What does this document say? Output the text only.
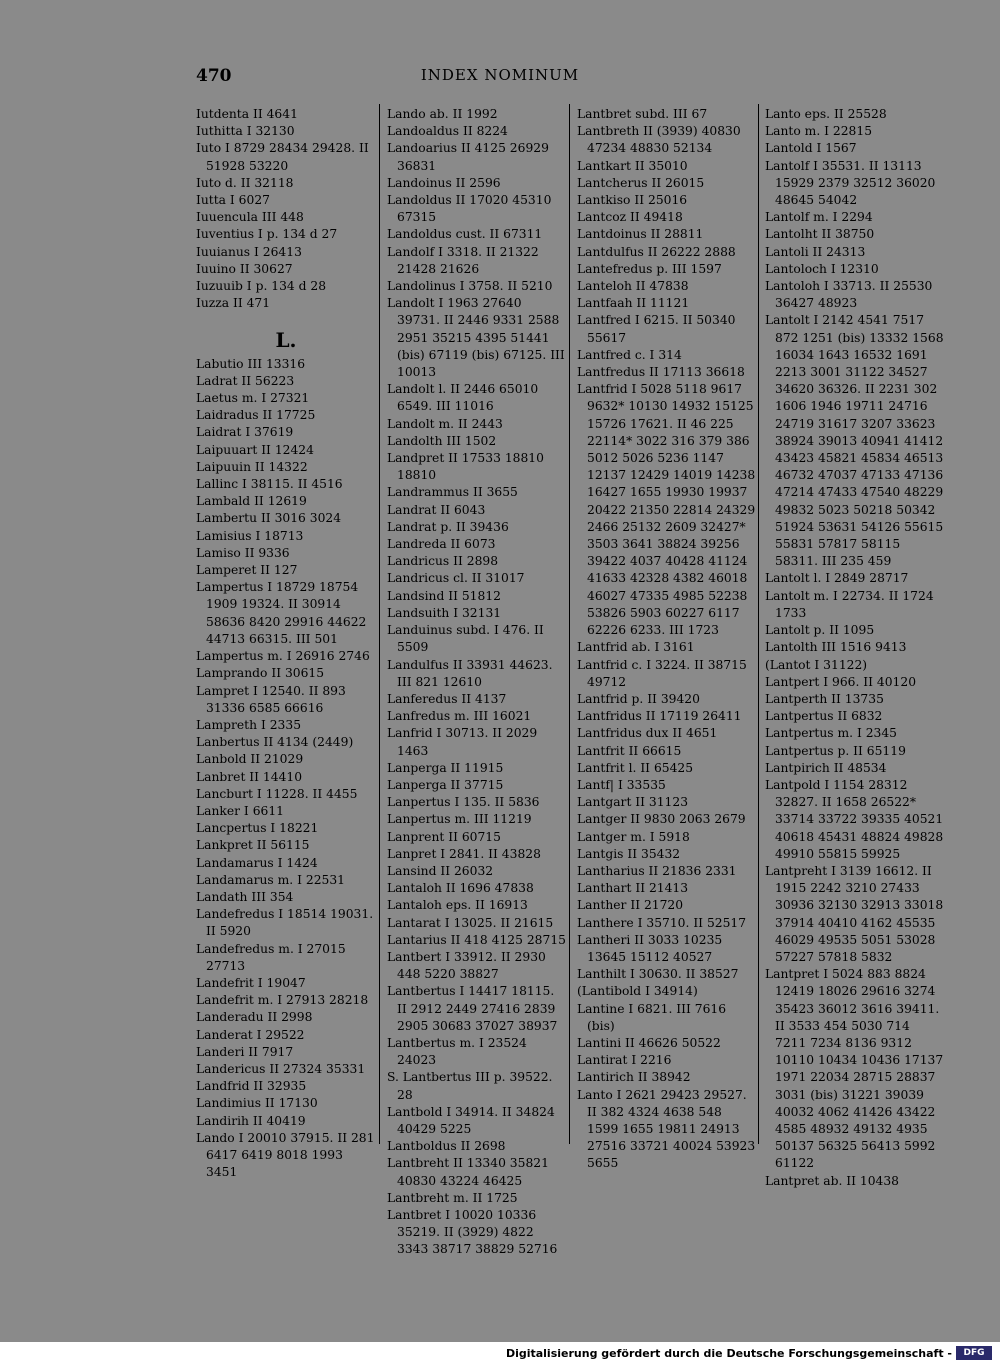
470	INDEX NOMINUM
Iutdenta II 4641
Iuthitta I 32130
Iuto I 8729 28434 29428. II 51928 53220
Iuto d. II 32118
Iutta I 6027
Iuuencula III 448
Iuventius I p. 134 d 27
Iuuianus I 26413
Iuuino II 30627
Iuzuuib I p. 134 d 28
Iuzza II 471
L.
Labutio III 13316
Ladrat II 56223
Laetus m. I 27321
Laidradus II 17725
Laidrat I 37619
Laipuuart II 12424
Laipuuin II 14322
Lallinc I 38115. II 4516
Lambald II 12619
Lambertu II 3016 3024
Lamisius I 18713
Lamiso II 9336
Lamperet II 127
Lampertus I 18729 18754 1909 19324. II 30914 58636 8420 29916 44622 44713 66315. III 501
Lampertus m. I 26916 2746
Lamprando II 30615
Lampret I 12540. II 893 31336 6585 66616
Lampreth I 2335
Lanbertus II 4134 (2449)
Lanbold II 21029
Lanbret II 14410
Lancburt I 11228. II 4455
Lanker I 6611
Lancpertus I 18221
Lankpret II 56115
Landamarus I 1424
Landamarus m. I 22531
Landath III 354
Landefredus I 18514 19031. II 5920
Landefredus m. I 27015 27713
Landefrit I 19047
Landefrit m. I 27913 28218
Landeradu II 2998
Landerat I 29522
Landeri II 7917
Landericus II 27324 35331
Landfrid II 32935
Landimius II 17130
Landirih II 40419
Lando I 20010 37915. II 281 6417 6419 8018 1993 3451
Lando ab. II 1992
Landoaldus II 8224
Landoarius II 4125 26929 36831
Landoinus II 2596
Landoldus II 17020 45310 67315
Landoldus cust. II 67311
Landolf I 3318. II 21322 21428 21626
Landolinus I 3758. II 5210
Landolt I 1963 27640 39731. II 2446 9331 2588 2951 35215 4395 51441 (bis) 67119 (bis) 67125. III 10013
Landolt l. II 2446 65010 6549. III 11016
Landolt m. II 2443
Landolth III 1502
Landpret II 17533 18810 18810
Landrammus II 3655
Landrat II 6043
Landrat p. II 39436
Landreda II 6073
Landricus II 2898
Landricus cl. II 31017
Landsind II 51812
Landsuith I 32131
Landuinus subd. I 476. II 5509
Landulfus II 33931 44623. III 821 12610
Lanferedus II 4137
Lanfredus m. III 16021
Lanfrid I 30713. II 2029 1463
Lanperga II 11915
Lanperga II 37715
Lanpertus I 135. II 5836
Lanpertus m. III 11219
Lanprent II 60715
Lanpret I 2841. II 43828
Lansind II 26032
Lantaloh II 1696 47838
Lantaloh eps. II 16913
Lantarat I 13025. II 21615
Lantarius II 418 4125 28715
Lantbert I 33912. II 2930 448 5220 38827
Lantbertus I 14417 18115. II 2912 2449 27416 2839 2905 30683 37027 38937
Lantbertus m. I 23524 24023
S. Lantbertus III p. 39522. 28
Lantbold I 34914. II 34824 40429 5225
Lantboldus II 2698
Lantbreht II 13340 35821 40830 43224 46425
Lantbreht m. II 1725
Lantbret I 10020 10336 35219. II (3929) 4822 3343 38717 38829 52716
Lantbret subd. III 67
Lantbreth II (3939) 40830 47234 48830 52134
Lantkart II 35010
Lantcherus II 26015
Lantkiso II 25016
Lantcoz II 49418
Lantdoinus II 28811
Lantdulfus II 26222 2888
Lantefredus p. III 1597
Lanteloh II 47838
Lantfaah II 11121
Lantfred I 6215. II 50340 55617
Lantfred c. I 314
Lantfredus II 17113 36618
Lantfrid I 5028 5118 9617 9632* 10130 14932 15125 15726 17621. II 46 225 22114* 3022 316 379 386 5012 5026 5236 1147 12137 12429 14019 14238 16427 1655 19930 19937 20422 21350 22814 24329 2466 25132 2609 32427* 3503 3641 38824 39256 39422 4037 40428 41124 41633 42328 4382 46018 46027 47335 4985 52238 53826 5903 60227 6117 62226 6233. III 1723
Lantfrid ab. I 3161
Lantfrid c. I 3224. II 38715 49712
Lantfrid p. II 39420
Lantfridus II 17119 26411
Lantfridus dux II 4651
Lantfrit II 66615
Lantfrit l. II 65425
Lantf| I 33535
Lantgart II 31123
Lantger II 9830 2063 2679
Lantger m. I 5918
Lantgis II 35432
Lantharius II 21836 2331
Lanthart II 21413
Lanther II 21720
Lanthere I 35710. II 52517
Lantheri II 3033 10235 13645 15112 40527
Lanthilt I 30630. II 38527
(Lantibold I 34914)
Lantine I 6821. III 7616 (bis)
Lantini II 46626 50522
Lantirat I 2216
Lantirich II 38942
Lanto I 2621 29423 29527. II 382 4324 4638 548 1599 1655 19811 24913 27516 33721 40024 53923 5655
Lanto eps. II 25528
Lanto m. I 22815
Lantold I 1567
Lantolf I 35531. II 13113 15929 2379 32512 36020 48645 54042
Lantolf m. I 2294
Lantolht II 38750
Lantoli II 24313
Lantoloch I 12310
Lantoloh I 33713. II 25530 36427 48923
Lantolt I 2142 4541 7517 872 1251 (bis) 13332 1568 16034 1643 16532 1691 2213 3001 31122 34527 34620 36326. II 2231 302 1606 1946 19711 24716 24719 31617 3207 33623 38924 39013 40941 41412 43423 45821 45834 46513 46732 47037 47133 47136 47214 47433 47540 48229 49832 5023 50218 50342 51924 53631 54126 55615 55831 57817 58115 58311. III 235 459
Lantolt l. I 2849 28717
Lantolt m. I 22734. II 1724 1733
Lantolt p. II 1095
Lantolth III 1516 9413
(Lantot I 31122)
Lantpert I 966. II 40120
Lantperth II 13735
Lantpertus II 6832
Lantpertus m. I 2345
Lantpertus p. II 65119
Lantpirich II 48534
Lantpold I 1154 28312 32827. II 1658 26522* 33714 33722 39335 40521 40618 45431 48824 49828 49910 55815 59925
Lantpreht I 3139 16612. II 1915 2242 3210 27433 30936 32130 32913 33018 37914 40410 4162 45535 46029 49535 5051 53028 57227 57818 5832
Lantpret I 5024 883 8824 12419 18026 29616 3274 35423 36012 3616 39411. II 3533 454 5030 714 7211 7234 8136 9312 10110 10434 10436 17137 1971 22034 28715 28837 3031 (bis) 31221 39039 40032 4062 41426 43422 4585 48932 49132 4935 50137 56325 56413 5992 61122
Lantpret ab. II 10438
Digitalisierung gefördert durch die Deutsche Forschungsgemeinschaft -	DFG
